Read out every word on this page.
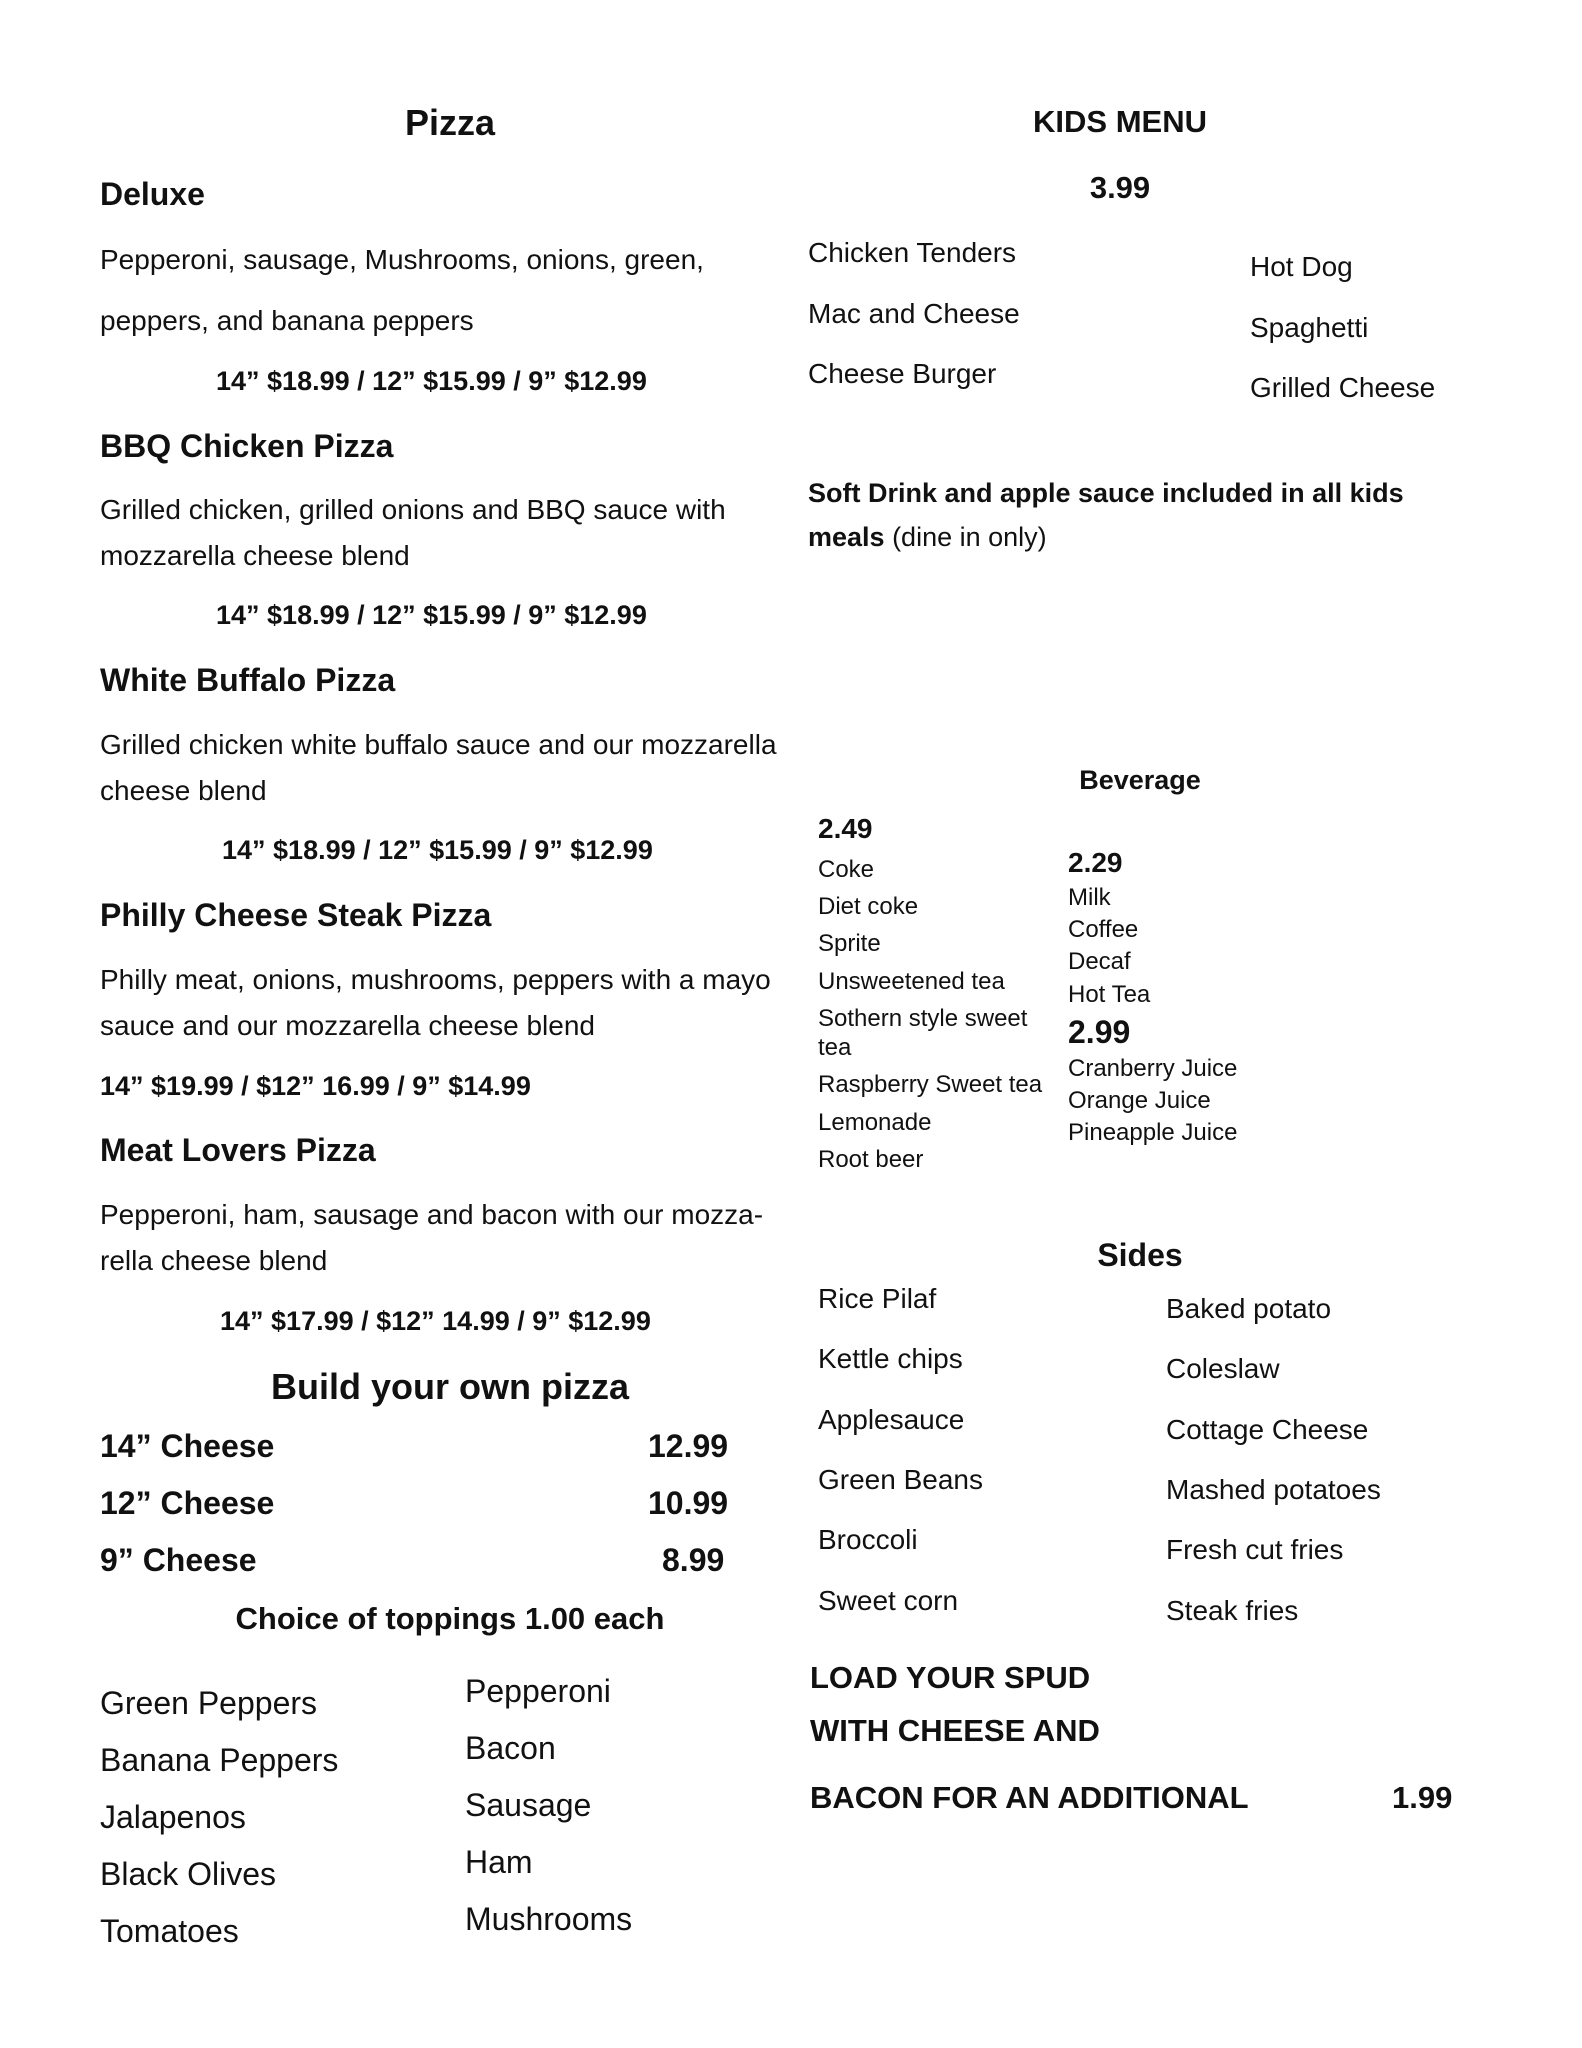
Pizza
Deluxe
Pepperoni, sausage, Mushrooms, onions, green,
peppers, and banana peppers
14” $18.99 / 12” $15.99 / 9” $12.99
BBQ Chicken Pizza
Grilled chicken, grilled onions and BBQ sauce with
mozzarella cheese blend
14” $18.99 / 12” $15.99 / 9” $12.99
White Buffalo Pizza
Grilled chicken white buffalo sauce and our mozzarella
cheese blend
14” $18.99 / 12” $15.99 / 9” $12.99
Philly Cheese Steak Pizza
Philly meat, onions, mushrooms, peppers with a mayo
sauce and our mozzarella cheese blend
14” $19.99 / $12” 16.99 / 9” $14.99
Meat Lovers Pizza
Pepperoni, ham, sausage and bacon with our mozza-
rella cheese blend
14” $17.99 / $12” 14.99 / 9” $12.99
Build your own pizza
14” Cheese	12.99
12” Cheese	10.99
9” Cheese	8.99
Choice of toppings 1.00 each
Green Peppers
Banana Peppers
Jalapenos
Black Olives
Tomatoes
Pepperoni
Bacon
Sausage
Ham
Mushrooms
KIDS MENU
3.99
Chicken Tenders
Mac and Cheese
Cheese Burger
Hot Dog
Spaghetti
Grilled Cheese
Soft Drink and apple sauce included in all kids
meals (dine in only)
Beverage
2.49
Coke
Diet coke
Sprite
Unsweetened tea
Sothern style sweet
tea
Raspberry Sweet tea
Lemonade
Root beer
2.29
Milk
Coffee
Decaf
Hot Tea
2.99
Cranberry Juice
Orange Juice
Pineapple Juice
Sides
Rice Pilaf
Kettle chips
Applesauce
Green Beans
Broccoli
Sweet corn
Baked potato
Coleslaw
Cottage Cheese
Mashed potatoes
Fresh cut fries
Steak fries
LOAD YOUR SPUD
WITH CHEESE AND
BACON FOR AN ADDITIONAL	1.99
